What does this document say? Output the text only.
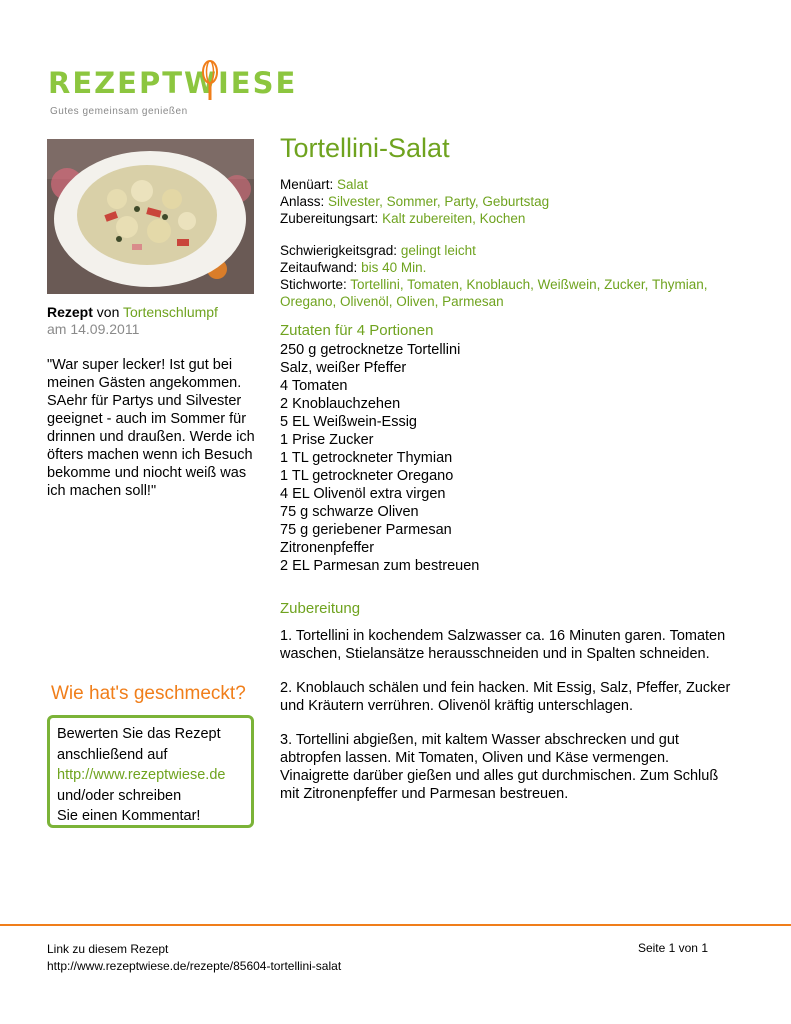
REZEPTWIESE
Gutes gemeinsam genießen
Rezept von Tortenschlumpf
am 14.09.2011
"War super lecker! Ist gut bei meinen Gästen angekommen. SAehr für Partys und Silvester geeignet - auch im Sommer für drinnen und draußen. Werde ich öfters machen wenn ich Besuch bekomme und niocht weiß was ich machen soll!"
Wie hat's geschmeckt?
Bewerten Sie das Rezept
anschließend auf
http://www.rezeptwiese.de
und/oder schreiben
Sie einen Kommentar!
Tortellini-Salat
Menüart: Salat
Anlass: Silvester, Sommer, Party, Geburtstag
Zubereitungsart: Kalt zubereiten, Kochen
Schwierigkeitsgrad: gelingt leicht
Zeitaufwand: bis 40 Min.
Stichworte: Tortellini, Tomaten, Knoblauch, Weißwein, Zucker, Thymian,
Oregano, Olivenöl, Oliven, Parmesan
Zutaten für 4 Portionen
250 g getrocknetze Tortellini
Salz, weißer Pfeffer
4 Tomaten
2 Knoblauchzehen
5 EL Weißwein-Essig
1 Prise Zucker
1 TL getrockneter Thymian
1 TL getrockneter Oregano
4 EL Olivenöl extra virgen
75 g schwarze Oliven
75 g geriebener Parmesan
Zitronenpfeffer
2 EL Parmesan zum bestreuen
Zubereitung

1. Tortellini in kochendem Salzwasser ca. 16 Minuten garen. Tomaten waschen, Stielansätze herausschneiden und in Spalten schneiden.

2. Knoblauch schälen und fein hacken. Mit Essig, Salz, Pfeffer, Zucker und Kräutern verrühren. Olivenöl kräftig unterschlagen.

3. Tortellini abgießen, mit kaltem Wasser abschrecken und gut abtropfen lassen. Mit Tomaten, Oliven und Käse vermengen. Vinaigrette darüber gießen und alles gut durchmischen. Zum Schluß mit Zitronenpfeffer und Parmesan bestreuen.

Link zu diesem Rezept
http://www.rezeptwiese.de/rezepte/85604-tortellini-salat
Seite 1 von 1
